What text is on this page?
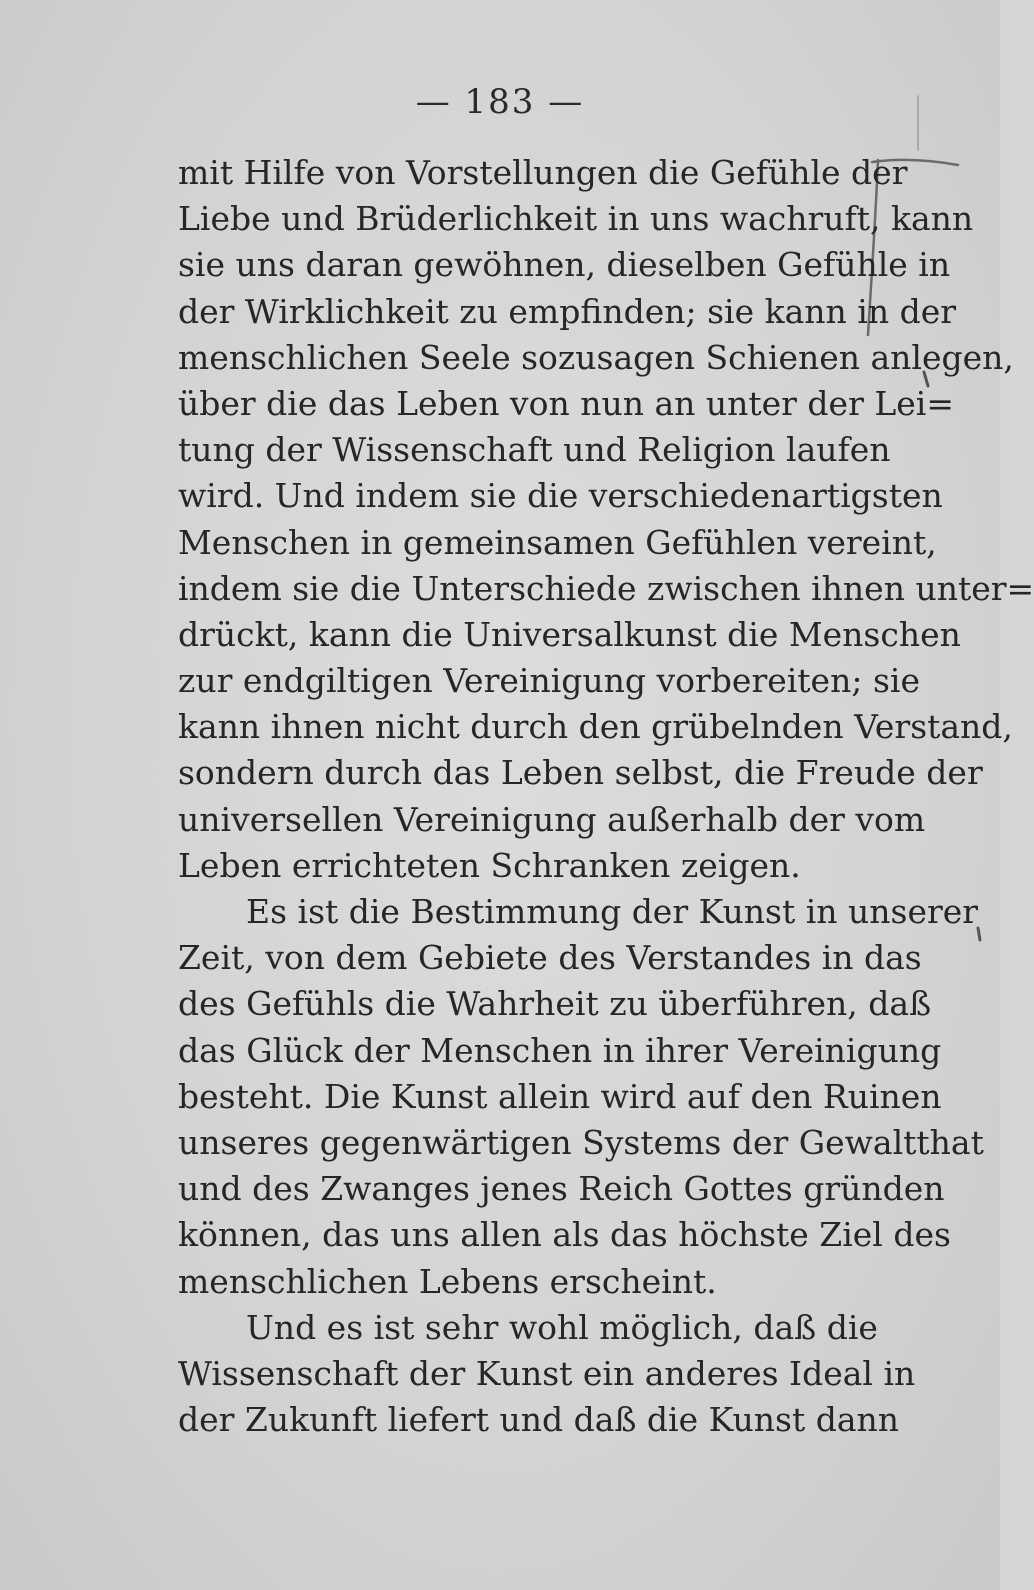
— 183 —
mit Hilfe von Vorstellungen die Gefühle der
Liebe und Brüderlichkeit in uns wachruft, kann
sie uns daran gewöhnen, dieselben Gefühle in
der Wirklichkeit zu empfinden; sie kann in der
menschlichen Seele sozusagen Schienen anlegen,
über die das Leben von nun an unter der Lei=
tung der Wissenschaft und Religion laufen
wird. Und indem sie die verschiedenartigsten
Menschen in gemeinsamen Gefühlen vereint,
indem sie die Unterschiede zwischen ihnen unter=
drückt, kann die Universalkunst die Menschen
zur endgiltigen Vereinigung vorbereiten; sie
kann ihnen nicht durch den grübelnden Verstand,
sondern durch das Leben selbst, die Freude der
universellen Vereinigung außerhalb der vom
Leben errichteten Schranken zeigen.
Es ist die Bestimmung der Kunst in unserer
Zeit, von dem Gebiete des Verstandes in das
des Gefühls die Wahrheit zu überführen, daß
das Glück der Menschen in ihrer Vereinigung
besteht. Die Kunst allein wird auf den Ruinen
unseres gegenwärtigen Systems der Gewaltthat
und des Zwanges jenes Reich Gottes gründen
können, das uns allen als das höchste Ziel des
menschlichen Lebens erscheint.
Und es ist sehr wohl möglich, daß die
Wissenschaft der Kunst ein anderes Ideal in
der Zukunft liefert und daß die Kunst dann
